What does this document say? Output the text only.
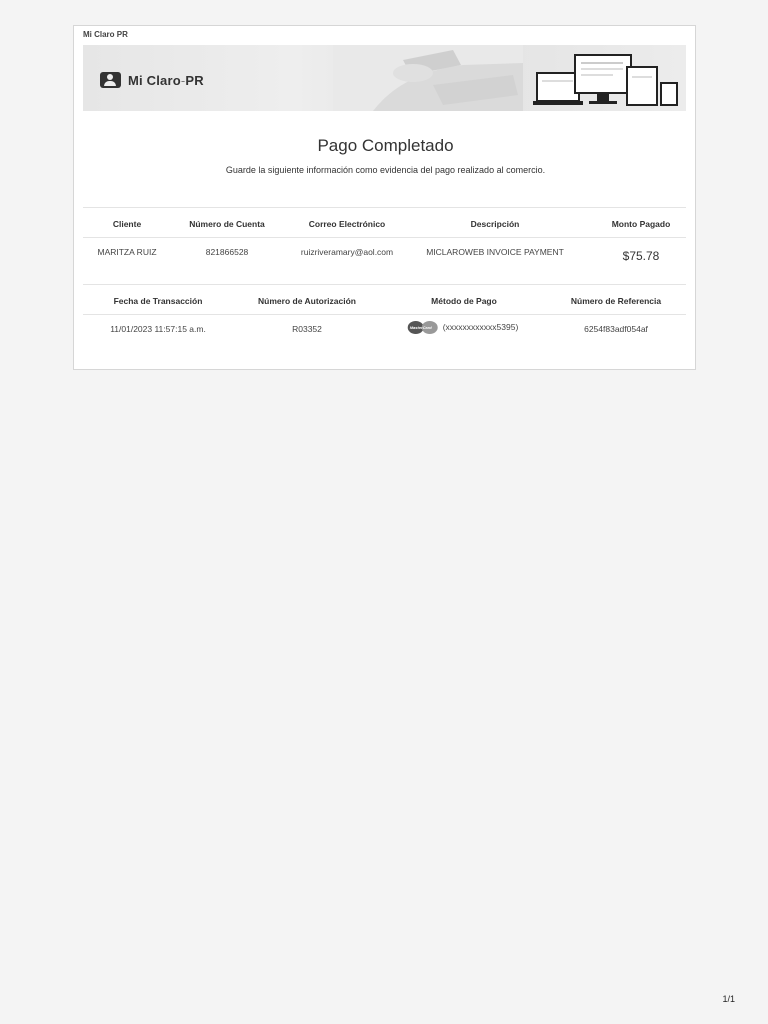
Mi Claro PR
Mi Claro-PR
Pago Completado
Guarde la siguiente información como evidencia del pago realizado al comercio.
Cliente	Número de Cuenta	Correo Electrónico	Descripción	Monto Pagado
MARITZA RUIZ	821866528	ruizriveramary@aol.com	MICLAROWEB INVOICE PAYMENT	$75.78
Fecha de Transacción	Número de Autorización	Método de Pago	Número de Referencia
11/01/2023 11:57:15 a.m.	R03352	MasterCard (xxxxxxxxxxxx5395)	6254f83adf054af
1/1
